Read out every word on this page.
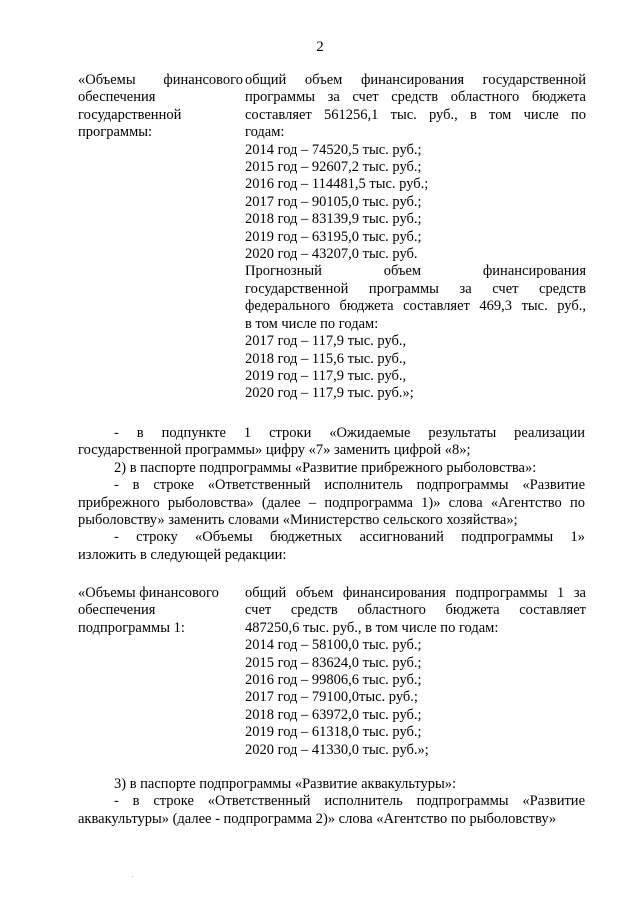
2
«Объемы финансового
обеспечения
государственной
программы:
общий объем финансирования государственной
программы за счет средств областного бюджета
составляет 561256,1 тыс. руб., в том числе по
годам:
2014 год – 74520,5 тыс. руб.;
2015 год – 92607,2 тыс. руб.;
2016 год – 114481,5 тыс. руб.;
2017 год – 90105,0 тыс. руб.;
2018 год – 83139,9 тыс. руб.;
2019 год – 63195,0 тыс. руб.;
2020 год – 43207,0 тыс. руб.
Прогнозный объем финансирования
государственной программы за счет средств
федерального бюджета составляет 469,3 тыс. руб.,
в том числе по годам:
2017 год – 117,9 тыс. руб.,
2018 год – 115,6 тыс. руб.,
2019 год – 117,9 тыс. руб.,
2020 год – 117,9 тыс. руб.»;
- в подпункте 1 строки «Ожидаемые результаты реализации
государственной программы» цифру «7» заменить цифрой «8»;
2) в паспорте подпрограммы «Развитие прибрежного рыболовства»:
- в строке «Ответственный исполнитель подпрограммы «Развитие
прибрежного рыболовства» (далее – подпрограмма 1)» слова «Агентство по
рыболовству» заменить словами «Министерство сельского хозяйства»;
- строку «Объемы бюджетных ассигнований подпрограммы 1»
изложить в следующей редакции:
«Объемы финансового
обеспечения
подпрограммы 1:
общий объем финансирования подпрограммы 1 за
счет средств областного бюджета составляет
487250,6 тыс. руб., в том числе по годам:
2014 год – 58100,0 тыс. руб.;
2015 год – 83624,0 тыс. руб.;
2016 год – 99806,6 тыс. руб.;
2017 год – 79100,0тыс. руб.;
2018 год – 63972,0 тыс. руб.;
2019 год – 61318,0 тыс. руб.;
2020 год – 41330,0 тыс. руб.»;
3) в паспорте подпрограммы «Развитие аквакультуры»:
- в строке «Ответственный исполнитель подпрограммы «Развитие
аквакультуры» (далее - подпрограмма 2)» слова «Агентство по рыболовству»
